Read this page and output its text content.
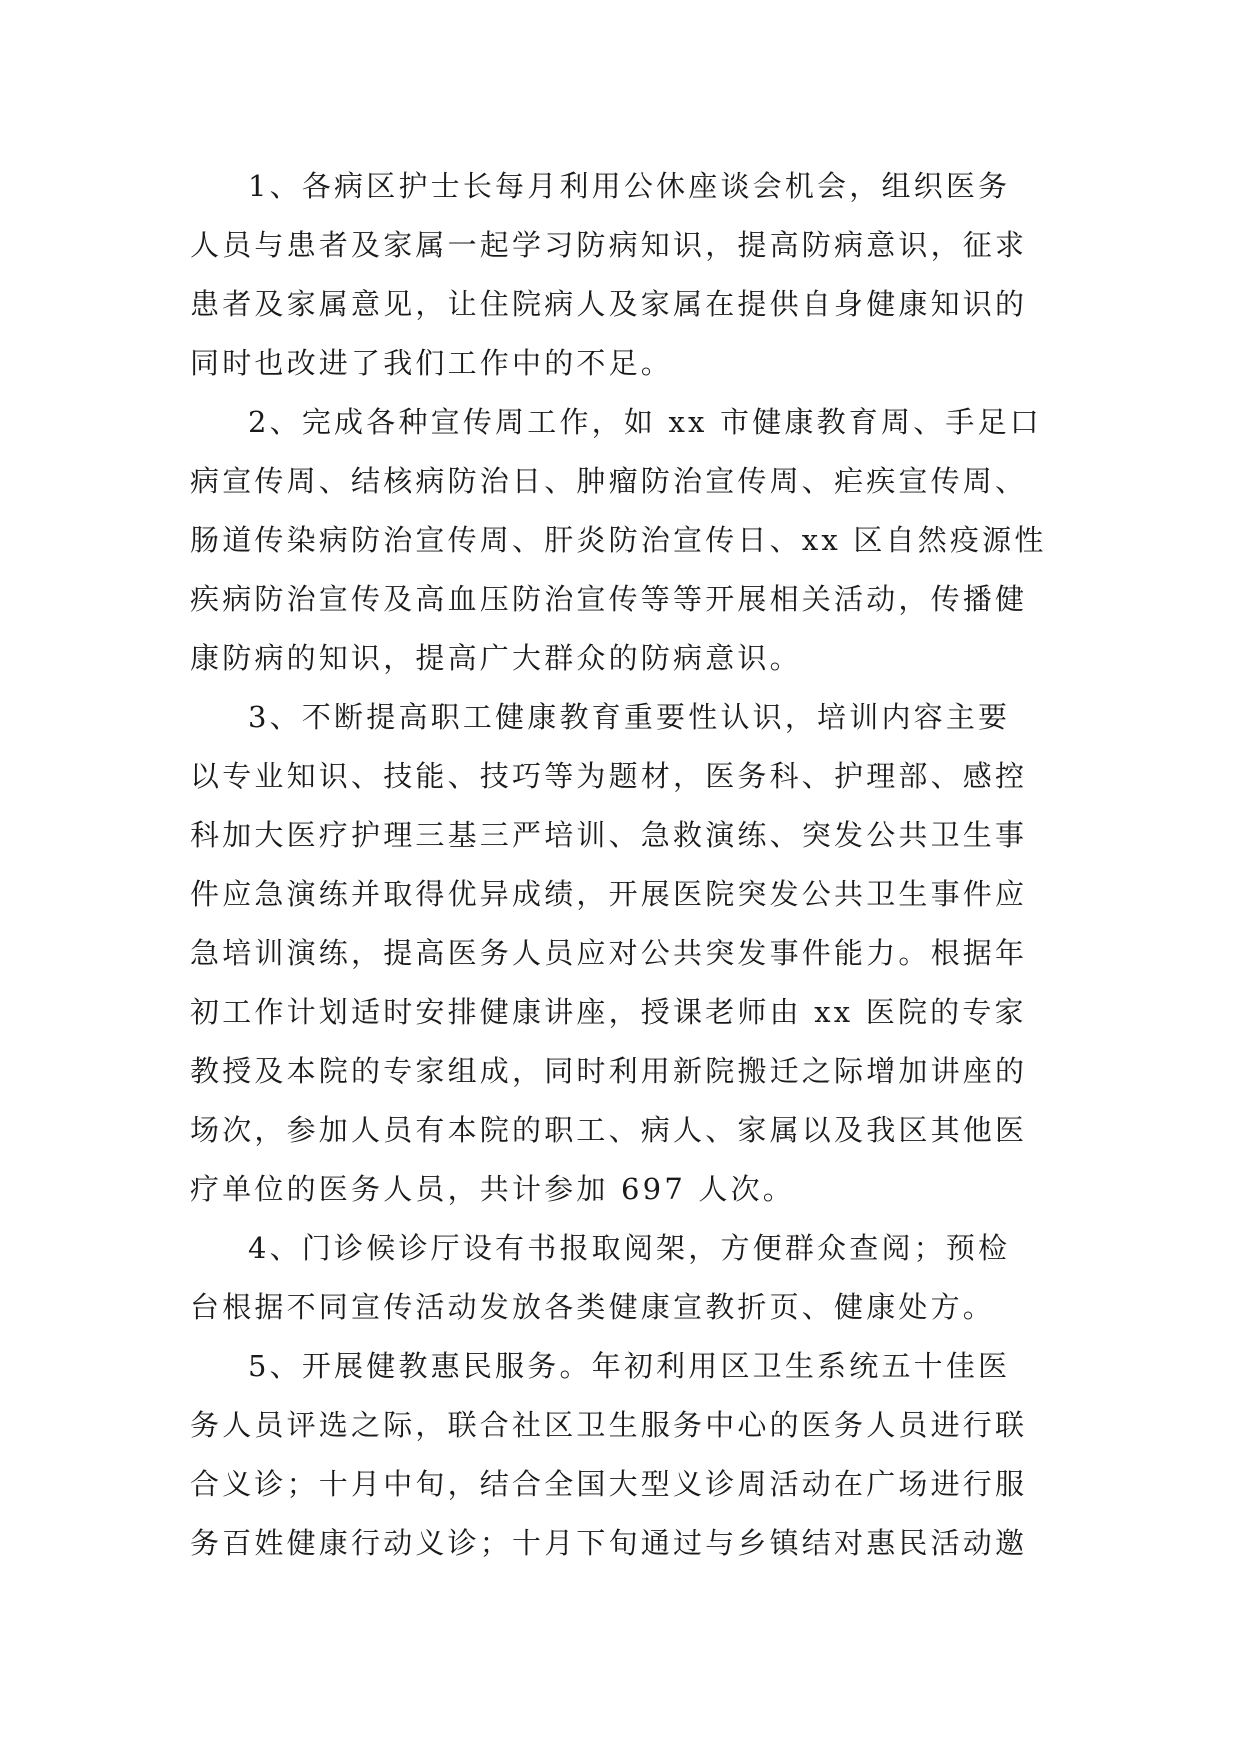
1、各病区护士长每月利用公休座谈会机会，组织医务
人员与患者及家属一起学习防病知识，提高防病意识，征求
患者及家属意见，让住院病人及家属在提供自身健康知识的
同时也改进了我们工作中的不足。
2、完成各种宣传周工作，如 xx 市健康教育周、手足口
病宣传周、结核病防治日、肿瘤防治宣传周、疟疾宣传周、
肠道传染病防治宣传周、肝炎防治宣传日、xx 区自然疫源性
疾病防治宣传及高血压防治宣传等等开展相关活动，传播健
康防病的知识，提高广大群众的防病意识。
3、不断提高职工健康教育重要性认识，培训内容主要
以专业知识、技能、技巧等为题材，医务科、护理部、感控
科加大医疗护理三基三严培训、急救演练、突发公共卫生事
件应急演练并取得优异成绩，开展医院突发公共卫生事件应
急培训演练，提高医务人员应对公共突发事件能力。根据年
初工作计划适时安排健康讲座，授课老师由 xx 医院的专家
教授及本院的专家组成，同时利用新院搬迁之际增加讲座的
场次，参加人员有本院的职工、病人、家属以及我区其他医
疗单位的医务人员，共计参加 697 人次。
4、门诊候诊厅设有书报取阅架，方便群众查阅；预检
台根据不同宣传活动发放各类健康宣教折页、健康处方。
5、开展健教惠民服务。年初利用区卫生系统五十佳医
务人员评选之际，联合社区卫生服务中心的医务人员进行联
合义诊；十月中旬，结合全国大型义诊周活动在广场进行服
务百姓健康行动义诊；十月下旬通过与乡镇结对惠民活动邀
